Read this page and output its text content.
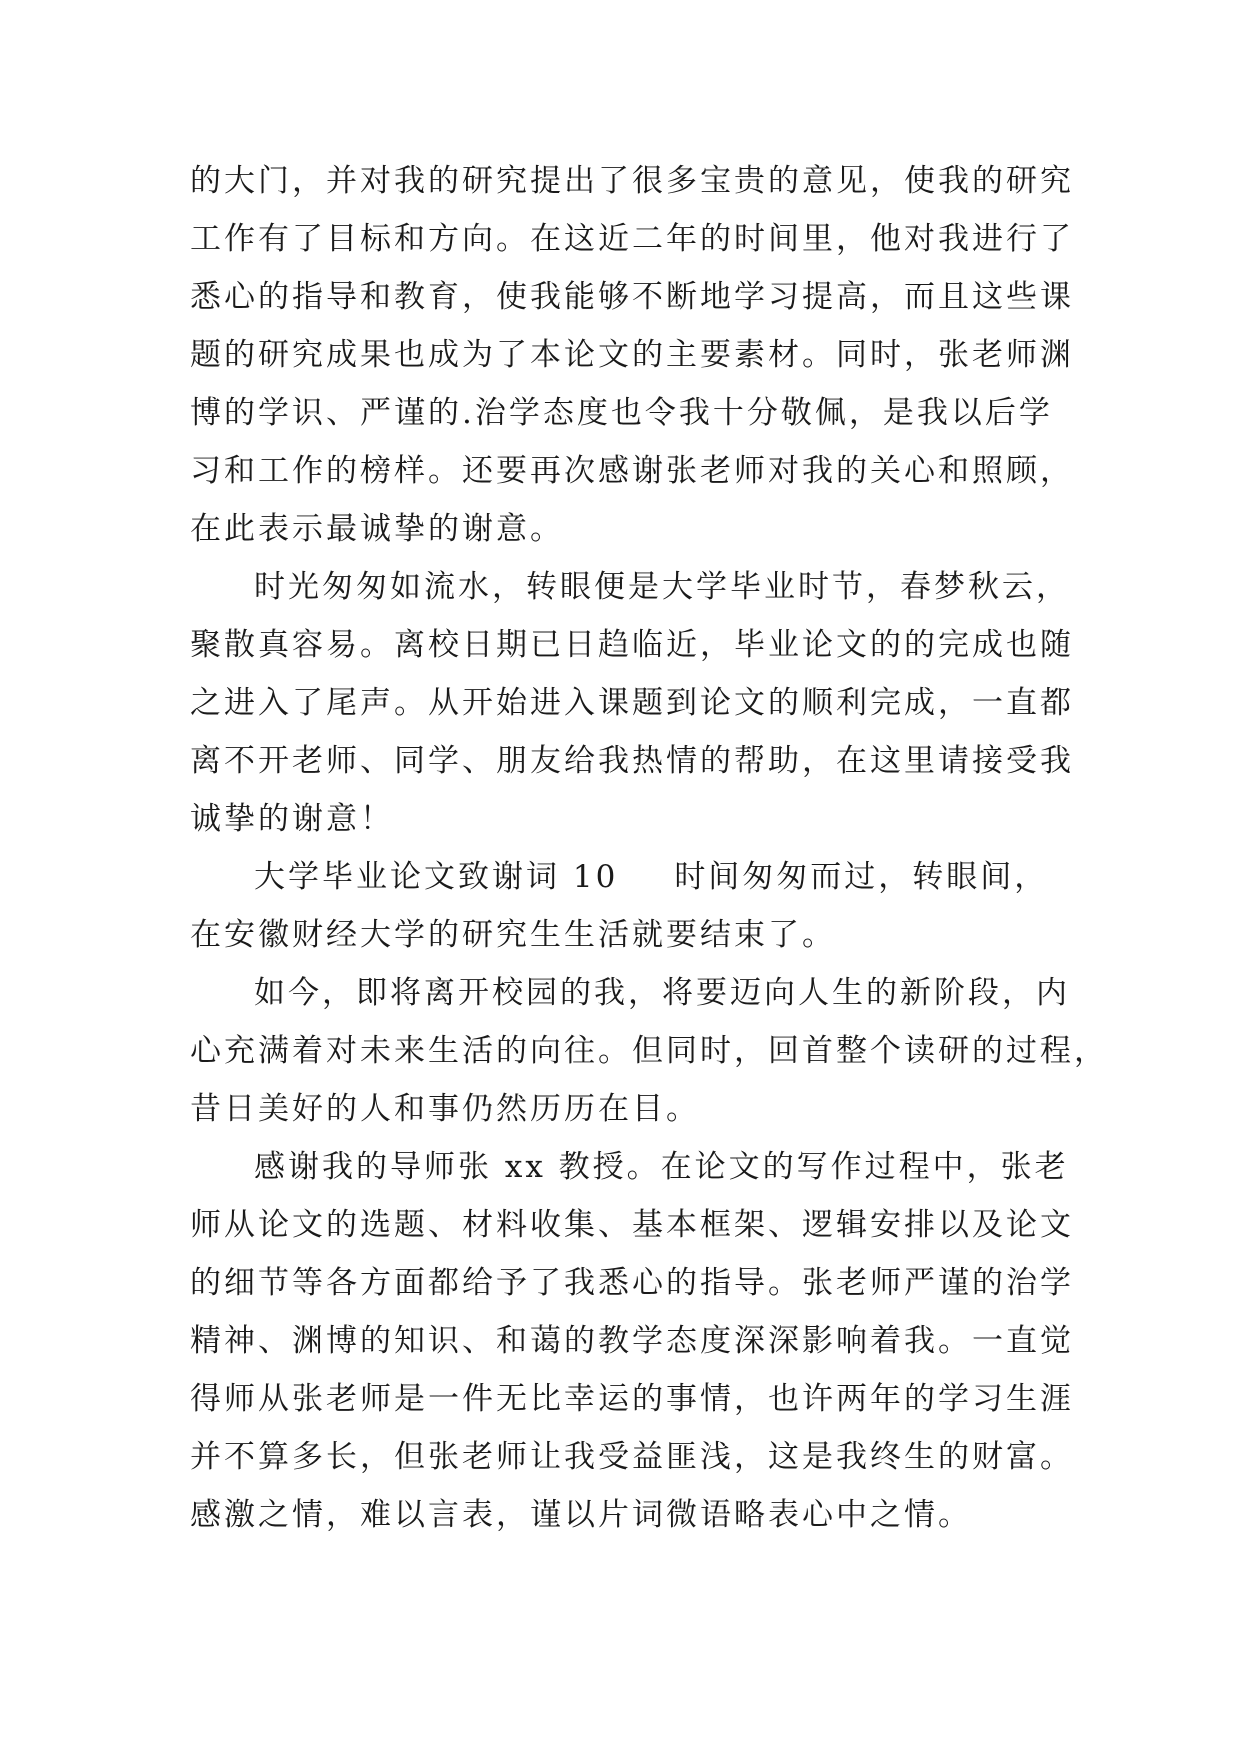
的大门，并对我的研究提出了很多宝贵的意见，使我的研究
工作有了目标和方向。在这近二年的时间里，他对我进行了
悉心的指导和教育，使我能够不断地学习提高，而且这些课
题的研究成果也成为了本论文的主要素材。同时，张老师渊
博的学识、严谨的.治学态度也令我十分敬佩，是我以后学
习和工作的榜样。还要再次感谢张老师对我的关心和照顾，
在此表示最诚挚的谢意。
时光匆匆如流水，转眼便是大学毕业时节，春梦秋云，
聚散真容易。离校日期已日趋临近，毕业论文的的完成也随
之进入了尾声。从开始进入课题到论文的顺利完成，一直都
离不开老师、同学、朋友给我热情的帮助，在这里请接受我
诚挚的谢意！
大学毕业论文致谢词 10 时间匆匆而过，转眼间，
在安徽财经大学的研究生生活就要结束了。
如今，即将离开校园的我，将要迈向人生的新阶段，内
心充满着对未来生活的向往。但同时，回首整个读研的过程，
昔日美好的人和事仍然历历在目。
感谢我的导师张 xx 教授。在论文的写作过程中，张老
师从论文的选题、材料收集、基本框架、逻辑安排以及论文
的细节等各方面都给予了我悉心的指导。张老师严谨的治学
精神、渊博的知识、和蔼的教学态度深深影响着我。一直觉
得师从张老师是一件无比幸运的事情，也许两年的学习生涯
并不算多长，但张老师让我受益匪浅，这是我终生的财富。
感激之情，难以言表，谨以片词微语略表心中之情。
